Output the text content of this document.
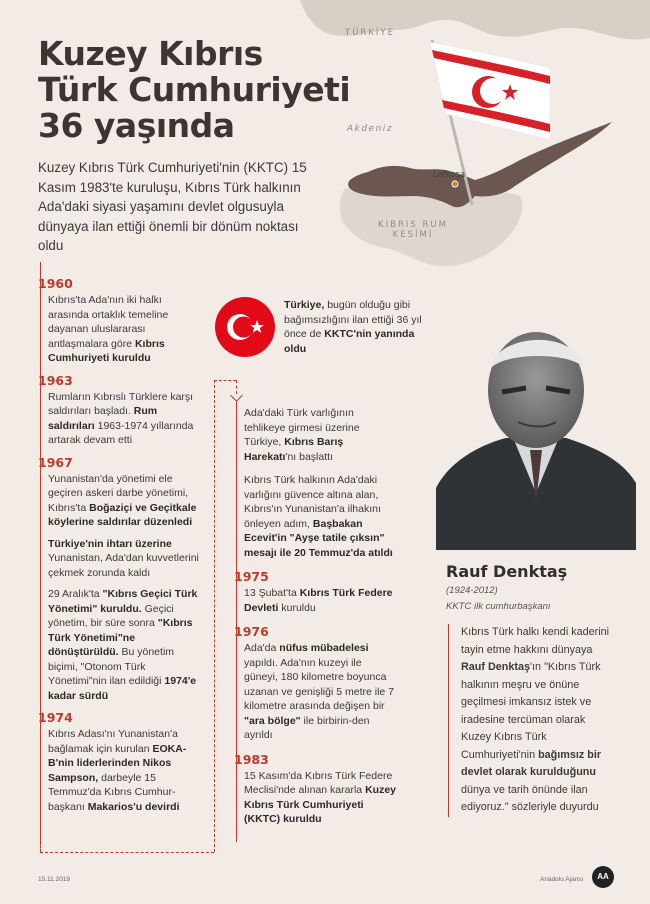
TÜRKİYE
Akdeniz
Lefkoşa
KIBRIS RUM
KESİMİ
Kuzey Kıbrıs
Türk Cumhuriyeti
36 yaşında
Kuzey Kıbrıs Türk Cumhuriyeti'nin (KKTC) 15 Kasım 1983'te kuruluşu, Kıbrıs Türk halkının Ada'daki siyasi yaşamını devlet olgusuyla dünyaya ilan ettiği önemli bir dönüm noktası oldu
1960
Kıbrıs'ta Ada'nın iki halkı arasında ortaklık temeline dayanan uluslararası antlaşmalara göre Kıbrıs Cumhuriyeti kuruldu
1963
Rumların Kıbrıslı Türklere karşı saldırıları başladı. Rum saldırıları 1963-1974 yıllarında artarak devam etti
1967
Yunanistan'da yönetimi ele geçiren askeri darbe yönetimi, Kıbrıs'ta Boğaziçi ve Geçitkale köylerine saldırılar düzenledi
Türkiye'nin ihtarı üzerine Yunanistan, Ada'dan kuvvetlerini çekmek zorunda kaldı
29 Aralık'ta "Kıbrıs Geçici Türk Yönetimi" kuruldu. Geçici yönetim, bir süre sonra "Kıbrıs Türk Yönetimi"ne dönüştürüldü. Bu yönetim biçimi, "Otonom Türk Yönetimi"nin ilan edildiği 1974'e kadar sürdü
1974
Kıbrıs Adası'nı Yunanistan'a bağlamak için kurulan EOKA-B'nin liderlerinden Nikos Sampson, darbeyle 15 Temmuz'da Kıbrıs Cumhur-başkanı Makarios'u devirdi
Ada'daki Türk varlığının tehlikeye girmesi üzerine Türkiye, Kıbrıs Barış Harekatı'nı başlattı
Kıbrıs Türk halkının Ada'daki varlığını güvence altına alan, Kıbrıs'ın Yunanistan'a ilhakını önleyen adım, Başbakan Ecevit'in "Ayşe tatile çıksın" mesajı ile 20 Temmuz'da atıldı
1975
13 Şubat'ta Kıbrıs Türk Federe Devleti kuruldu
1976
Ada'da nüfus mübadelesi yapıldı. Ada'nın kuzeyi ile güneyi, 180 kilometre boyunca uzanan ve genişliği 5 metre ile 7 kilometre arasında değişen bir "ara bölge" ile birbirin-den ayrıldı
1983
15 Kasım'da Kıbrıs Türk Federe Meclisi'nde alınan kararla Kuzey Kıbrıs Türk Cumhuriyeti (KKTC) kuruldu
Türkiye, bugün olduğu gibi bağımsızlığını ilan ettiği 36 yıl önce de KKTC'nin yanında oldu
Rauf Denktaş
(1924-2012)
KKTC ilk cumhurbaşkanı
Kıbrıs Türk halkı kendi kaderini tayin etme hakkını dünyaya Rauf Denktaş'ın "Kıbrıs Türk halkının meşru ve önüne geçilmesi imkansız istek ve iradesine tercüman olarak Kuzey Kıbrıs Türk Cumhuriyeti'nin bağımsız bir devlet olarak kurulduğunu dünya ve tarih önünde ilan ediyoruz." sözleriyle duyurdu
15.11.2019	Anadolu Ajansı	AA
